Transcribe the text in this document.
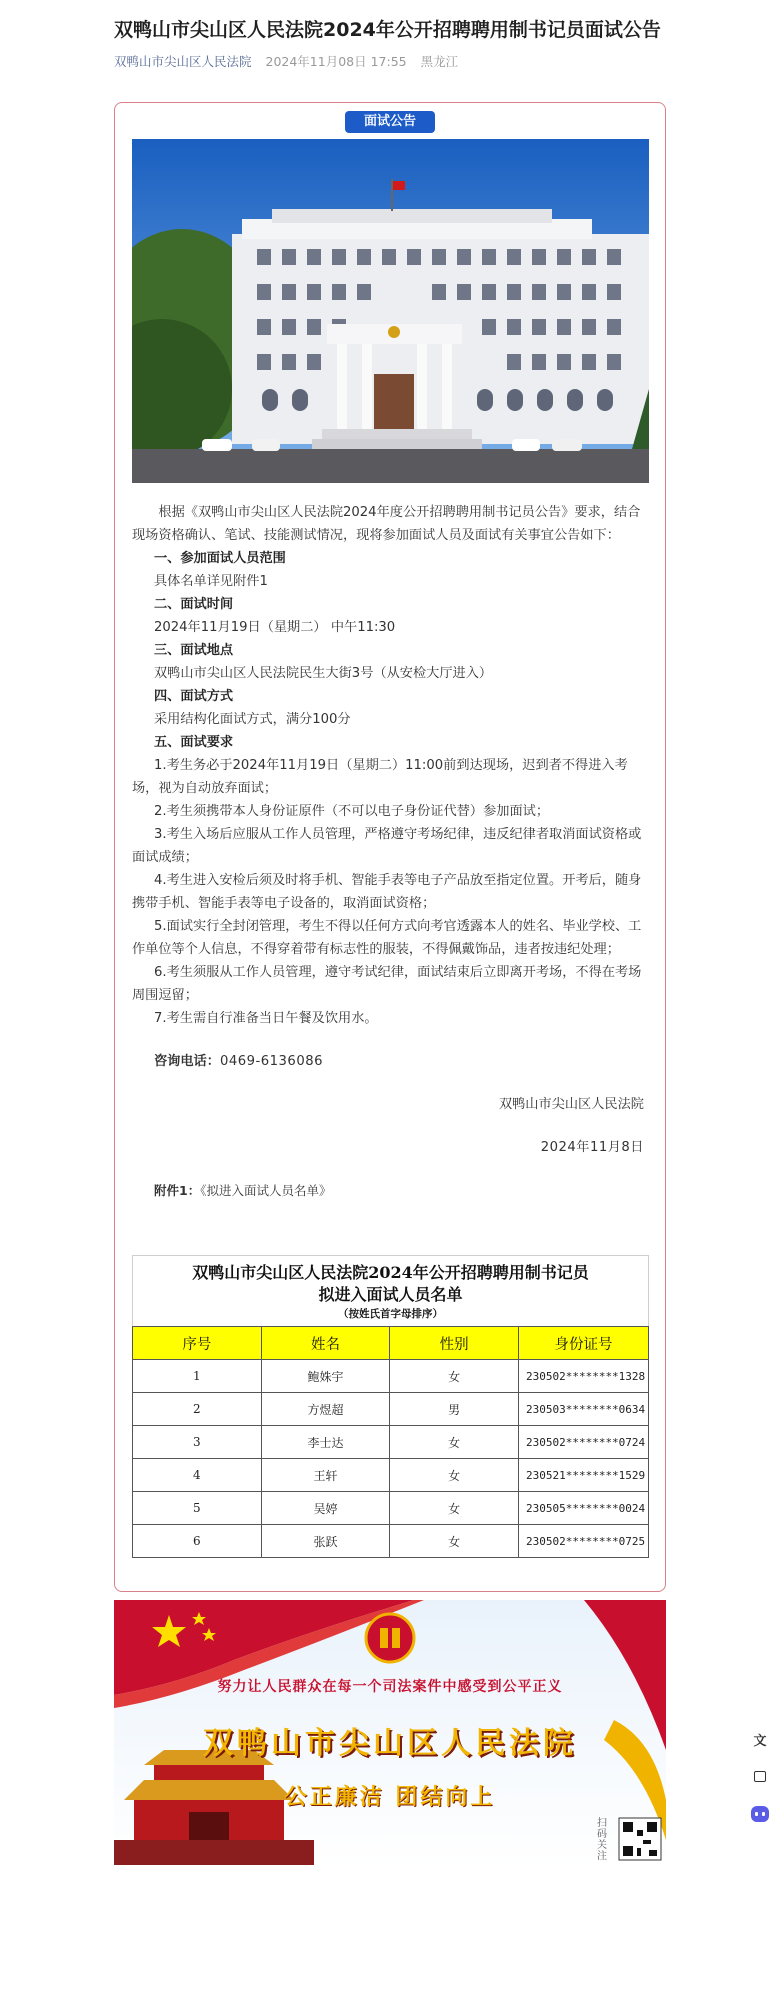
双鸭山市尖山区人民法院2024年公开招聘聘用制书记员面试公告
双鸭山市尖山区人民法院 2024年11月08日 17:55 黑龙江
面试公告

根据《双鸭山市尖山区人民法院2024年度公开招聘聘用制书记员公告》要求，结合现场资格确认、笔试、技能测试情况，现将参加面试人员及面试有关事宜公告如下：

一、参加面试人员范围

具体名单详见附件1

二、面试时间

2024年11月19日（星期二） 中午11:30

三、面试地点

双鸭山市尖山区人民法院民生大街3号（从安检大厅进入）

四、面试方式

采用结构化面试方式，满分100分

五、面试要求

1.考生务必于2024年11月19日（星期二）11:00前到达现场，迟到者不得进入考场，视为自动放弃面试；

2.考生须携带本人身份证原件（不可以电子身份证代替）参加面试；

3.考生入场后应服从工作人员管理，严格遵守考场纪律，违反纪律者取消面试资格或面试成绩；

4.考生进入安检后须及时将手机、智能手表等电子产品放至指定位置。开考后，随身携带手机、智能手表等电子设备的，取消面试资格；

5.面试实行全封闭管理，考生不得以任何方式向考官透露本人的姓名、毕业学校、工作单位等个人信息，不得穿着带有标志性的服装，不得佩戴饰品，违者按违纪处理；

6.考生须服从工作人员管理，遵守考试纪律，面试结束后立即离开考场，不得在考场周围逗留；

7.考生需自行准备当日午餐及饮用水。

咨询电话：0469-6136086

双鸭山市尖山区人民法院

2024年11月8日

附件1：《拟进入面试人员名单》

双鸭山市尖山区人民法院2024年公开招聘聘用制书记员
拟进入面试人员名单
（按姓氏首字母排序）
序号	姓名	性别	身份证号
1	鲍姝宇	女	230502********1328
2	方煜超	男	230503********0634
3	李士达	女	230502********0724
4	王轩	女	230521********1529
5	吴婷	女	230505********0024
6	张跃	女	230502********0725
努力让人民群众在每一个司法案件中感受到公平正义
双鸭山市尖山区人民法院
公正廉洁 团结向上
扫码关注
文
